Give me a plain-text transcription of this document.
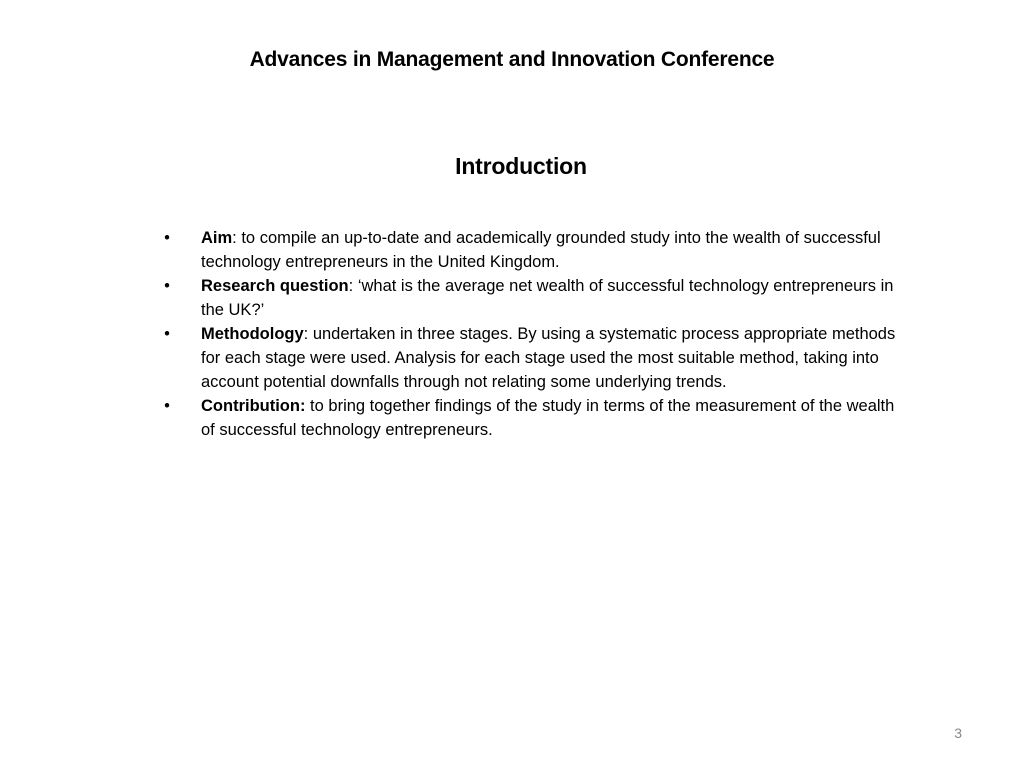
Advances in Management and Innovation Conference
Introduction
• Aim: to compile an up-to-date and academically grounded study into the wealth of successful technology entrepreneurs in the United Kingdom.
• Research question: ‘what is the average net wealth of successful technology entrepreneurs in the UK?’
• Methodology: undertaken in three stages. By using a systematic process appropriate methods for each stage were used. Analysis for each stage used the most suitable method, taking into account potential downfalls through not relating some underlying trends.
• Contribution: to bring together findings of the study in terms of the measurement of the wealth of successful technology entrepreneurs.
3
